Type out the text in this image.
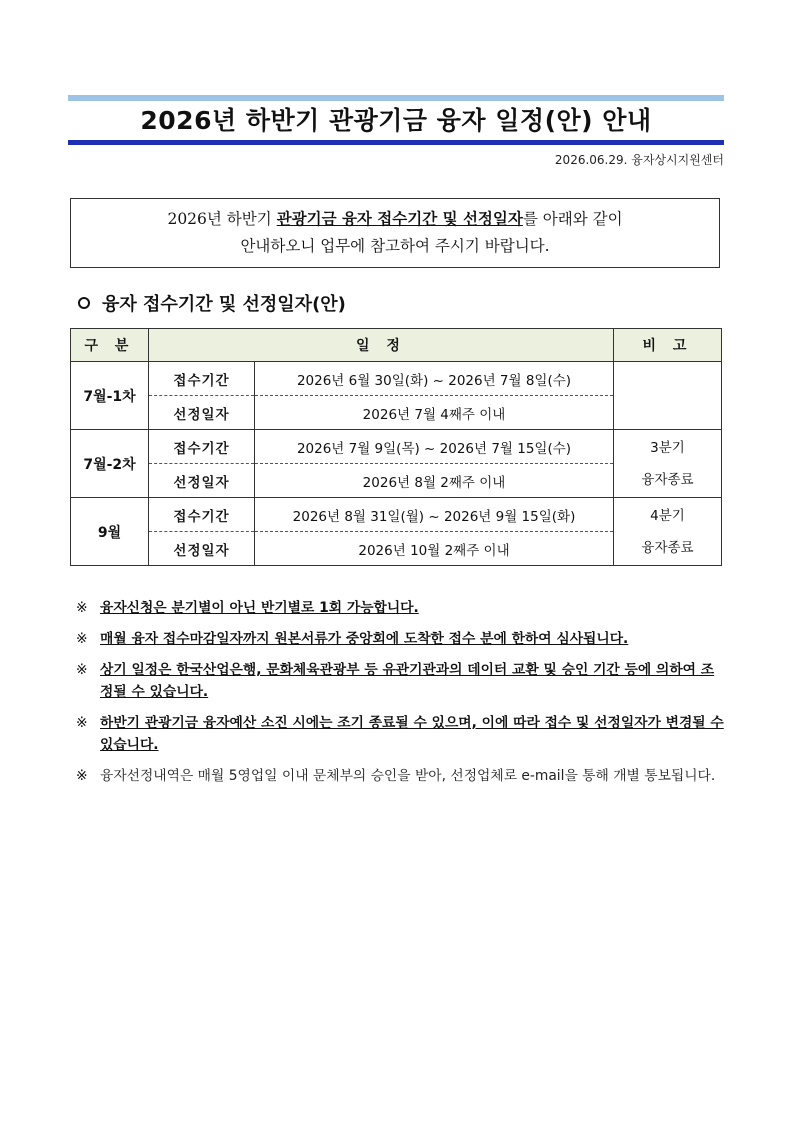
2026년 하반기 관광기금 융자 일정(안) 안내
2026.06.29. 융자상시지원센터
2026년 하반기 관광기금 융자 접수기간 및 선정일자를 아래와 같이
안내하오니 업무에 참고하여 주시기 바랍니다.
융자 접수기간 및 선정일자(안)
구 분	일 정		비 고
7월-1차	접수기간	2026년 6월 30일(화) ~ 2026년 7월 8일(수)	

	선정일자	2026년 7월 4째주 이내	
7월-2차	접수기간	2026년 7월 9일(목) ~ 2026년 7월 15일(수)	3분기
융자종료

	선정일자	2026년 8월 2째주 이내	
9월	접수기간	2026년 8월 31일(월) ~ 2026년 9월 15일(화)	4분기
융자종료

	선정일자	2026년 10월 2째주 이내	
※ 융자신청은 분기별이 아닌 반기별로 1회 가능합니다.
※ 매월 융자 접수마감일자까지 원본서류가 중앙회에 도착한 접수 분에 한하여 심사됩니다.
※ 상기 일정은 한국산업은행, 문화체육관광부 등 유관기관과의 데이터 교환 및 승인 기간 등에 의하여 조정될 수 있습니다.
※ 하반기 관광기금 융자예산 소진 시에는 조기 종료될 수 있으며, 이에 따라 접수 및 선정일자가 변경될 수 있습니다.
※ 융자선정내역은 매월 5영업일 이내 문체부의 승인을 받아, 선정업체로 e-mail을 통해 개별 통보됩니다.
